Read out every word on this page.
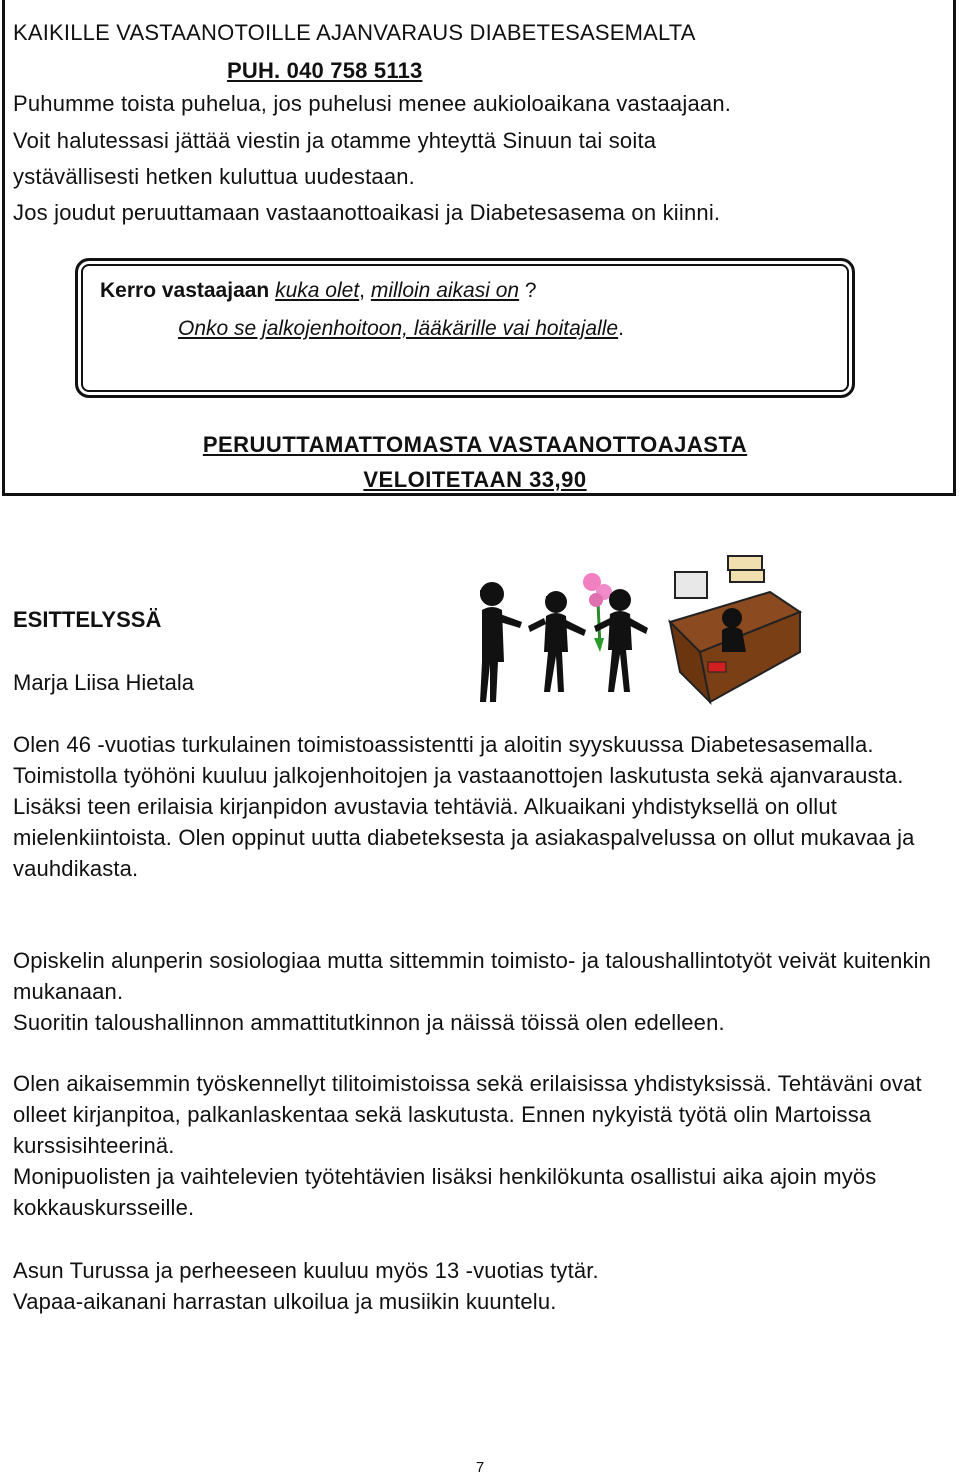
KAIKILLE VASTAANOTOILLE AJANVARAUS DIABETESASEMALTA
PUH. 040 758 5113
Puhumme toista puhelua, jos puhelusi menee aukioloaikana vastaajaan.
Voit halutessasi jättää viestin ja otamme yhteyttä Sinuun tai soita
ystävällisesti hetken kuluttua uudestaan.
Jos joudut peruuttamaan vastaanottoaikasi ja Diabetesasema on kiinni.
Kerro vastaajaan kuka olet, milloin aikasi on ?
Onko se jalkojenhoitoon, lääkärille vai hoitajalle.
PERUUTTAMATTOMASTA VASTAANOTTOAJASTA
VELOITETAAN 33,90
ESITTELYSSÄ
Marja Liisa Hietala

Olen 46 -vuotias turkulainen toimistoassistentti ja aloitin syyskuussa Diabetesasemalla. Toimistolla työhöni kuuluu jalkojenhoitojen ja vastaanottojen laskutusta sekä ajanvarausta. Lisäksi teen erilaisia kirjanpidon avustavia tehtäviä. Alkuaikani yhdistyksellä on ollut mielenkiintoista. Olen oppinut uutta diabeteksesta ja asiakaspalvelussa on ollut mukavaa ja vauhdikasta.

Opiskelin alunperin sosiologiaa mutta sittemmin toimisto- ja taloushallintotyöt veivät kuitenkin mukanaan.

Suoritin taloushallinnon ammattitutkinnon ja näissä töissä olen edelleen.

Olen aikaisemmin työskennellyt tilitoimistoissa sekä erilaisissa yhdistyksissä. Tehtäväni ovat olleet kirjanpitoa, palkanlaskentaa sekä laskutusta. Ennen nykyistä työtä olin Martoissa kurssisihteerinä.

Monipuolisten ja vaihtelevien työtehtävien lisäksi henkilökunta osallistui aika ajoin myös kokkauskursseille.

Asun Turussa ja perheeseen kuuluu myös 13 -vuotias tytär.

Vapaa-aikanani harrastan ulkoilua ja musiikin kuuntelu.

7
